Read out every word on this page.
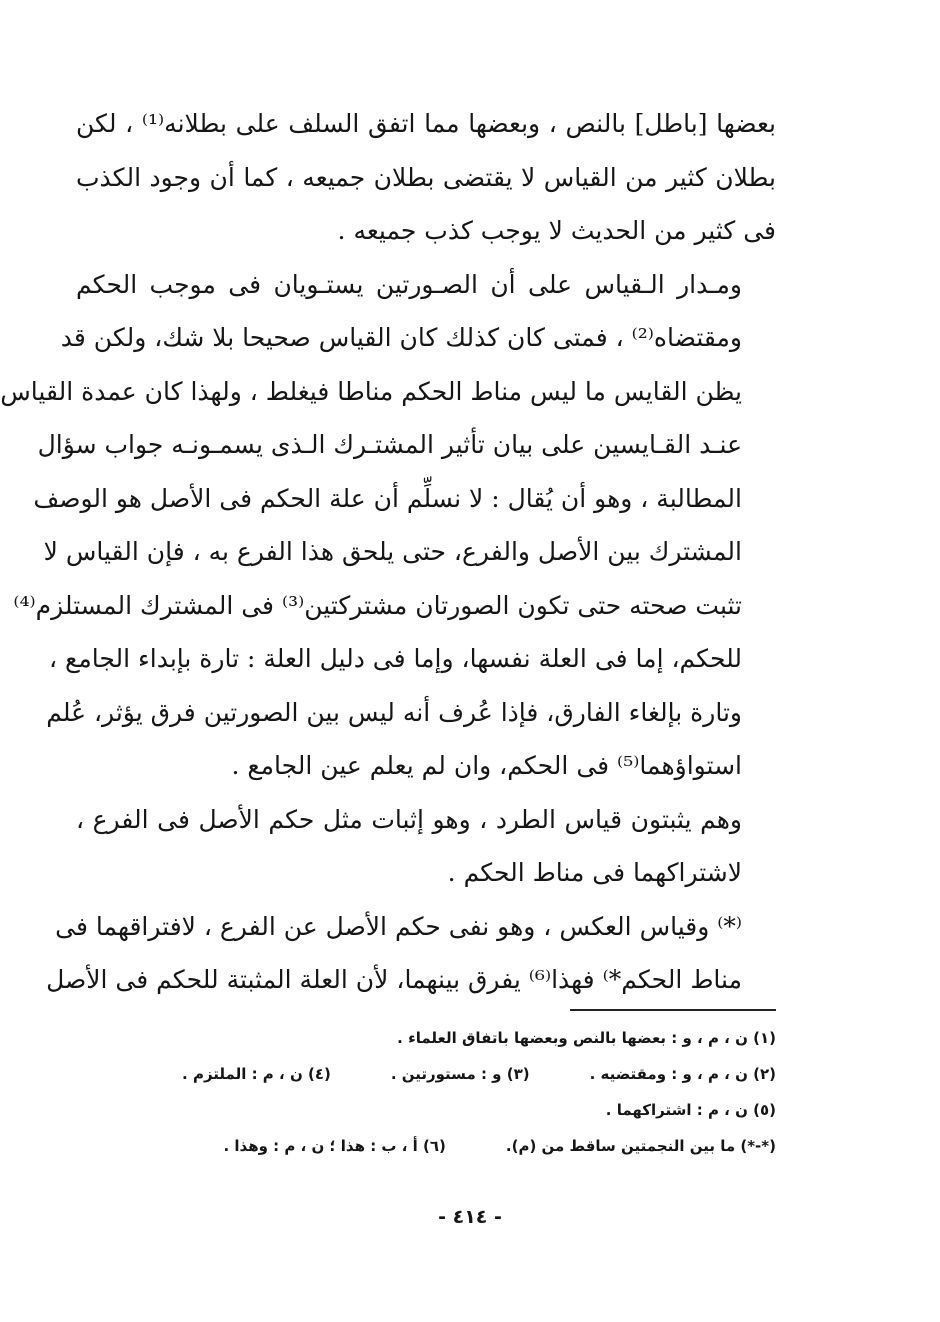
بعضها [باطل] بالنص ، وبعضها مما اتفق السلف على بطلانه⁽¹⁾ ، لكن
بطلان كثير من القياس لا يقتضى بطلان جميعه ، كما أن وجود الكذب
فى كثير من الحديث لا يوجب كذب جميعه .

ومـدار الـقياس على أن الصـورتين يستـويان فى موجب الحكم
ومقتضاه⁽²⁾ ، فمتى كان كذلك كان القياس صحيحا بلا شك، ولكن قد
يظن القايس ما ليس مناط الحكم مناطا فيغلط ، ولهذا كان عمدة القياس
عنـد القـايسين على بيان تأثير المشتـرك الـذى يسمـونـه جواب سؤال
المطالبة ، وهو أن يُقال : لا نسلِّم أن علة الحكم فى الأصل هو الوصف
المشترك بين الأصل والفرع، حتى يلحق هذا الفرع به ، فإن القياس لا
تثبت صحته حتى تكون الصورتان مشتركتين⁽³⁾ فى المشترك المستلزم⁽⁴⁾
للحكم، إما فى العلة نفسها، وإما فى دليل العلة : تارة بإبداء الجامع ،
وتارة بإلغاء الفارق، فإذا عُرف أنه ليس بين الصورتين فرق يؤثر، عُلم
استواؤهما⁽⁵⁾ فى الحكم، وان لم يعلم عين الجامع .

وهم يثبتون قياس الطرد ، وهو إثبات مثل حكم الأصل فى الفرع ،
لاشتراكهما فى مناط الحكم .

⁽*⁾ وقياس العكس ، وهو نفى حكم الأصل عن الفرع ، لافتراقهما فى
مناط الحكم*⁾ فهذا⁽⁶⁾ يفرق بينهما، لأن العلة المثبتة للحكم فى الأصل

(١) ن ، م ، و : بعضها بالنص وبعضها باتفاق العلماء .
(٢) ن ، م ، و : ومقتضيه .
(٣) و : مستورتين .
(٤) ن ، م : الملتزم .
(٥) ن ، م : اشتراكهما .
(*-*) ما بين النجمتين ساقط من (م).
(٦) أ ، ب : هذا ؛ ن ، م : وهذا .
- ٤١٤ -
